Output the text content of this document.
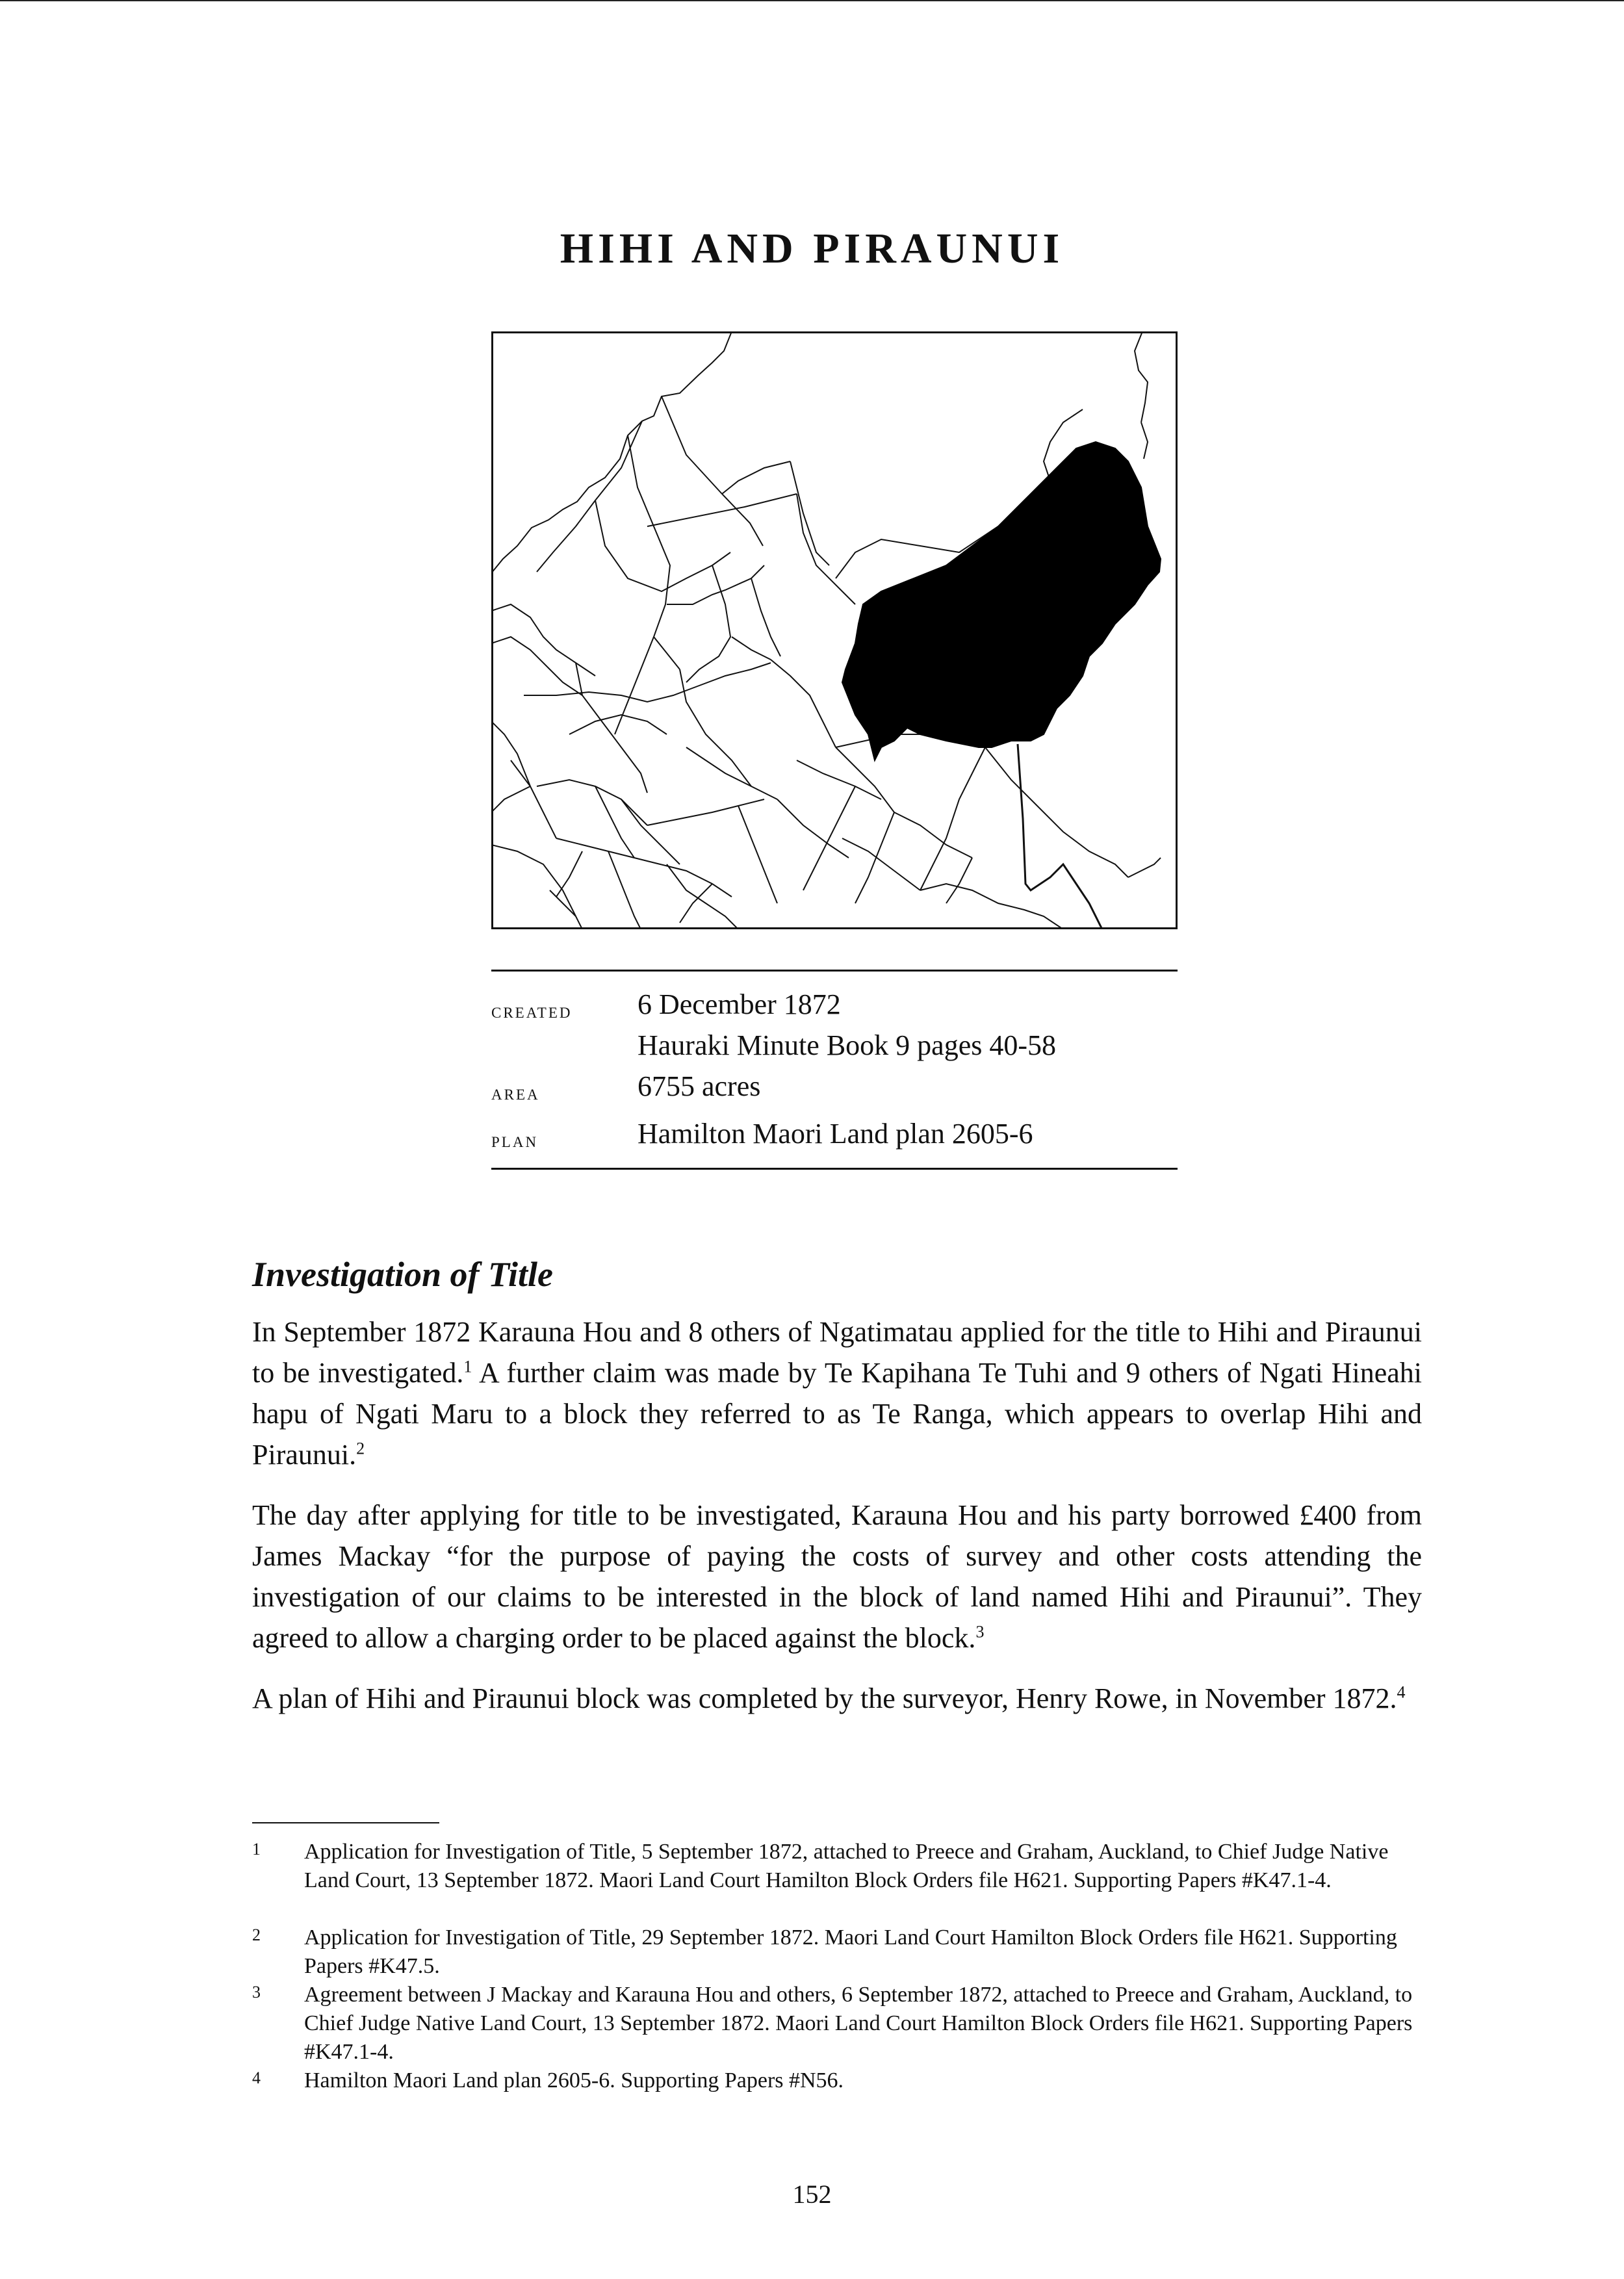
HIHI AND PIRAUNUI
created 6 December 1872
Hauraki Minute Book 9 pages 40-58
area	6755 acres
plan	Hamilton Maori Land plan 2605-6
Investigation of Title

In September 1872 Karauna Hou and 8 others of Ngatimatau applied for the title to Hihi and Piraunui to be investigated.$^1$ A further claim was made by Te Kapihana Te Tuhi and 9 others of Ngati Hineahi hapu of Ngati Maru to a block they referred to as Te Ranga, which appears to overlap Hihi and Piraunui.$^2$

The day after applying for title to be investigated, Karauna Hou and his party borrowed £400 from James Mackay “for the purpose of paying the costs of survey and other costs attending the investigation of our claims to be interested in the block of land named Hihi and Piraunui”. They agreed to allow a charging order to be placed against the block.$^3$

A plan of Hihi and Piraunui block was completed by the surveyor, Henry Rowe, in November 1872.$^4$

1 Application for Investigation of Title, 5 September 1872, attached to Preece and Graham, Auckland, to Chief Judge Native Land Court, 13 September 1872. Maori Land Court Hamilton Block Orders file H621. Supporting Papers #K47.1-4.
2 Application for Investigation of Title, 29 September 1872. Maori Land Court Hamilton Block Orders file H621. Supporting Papers #K47.5.
3 Agreement between J Mackay and Karauna Hou and others, 6 September 1872, attached to Preece and Graham, Auckland, to Chief Judge Native Land Court, 13 September 1872. Maori Land Court Hamilton Block Orders file H621. Supporting Papers #K47.1-4.
4 Hamilton Maori Land plan 2605-6. Supporting Papers #N56.
152
